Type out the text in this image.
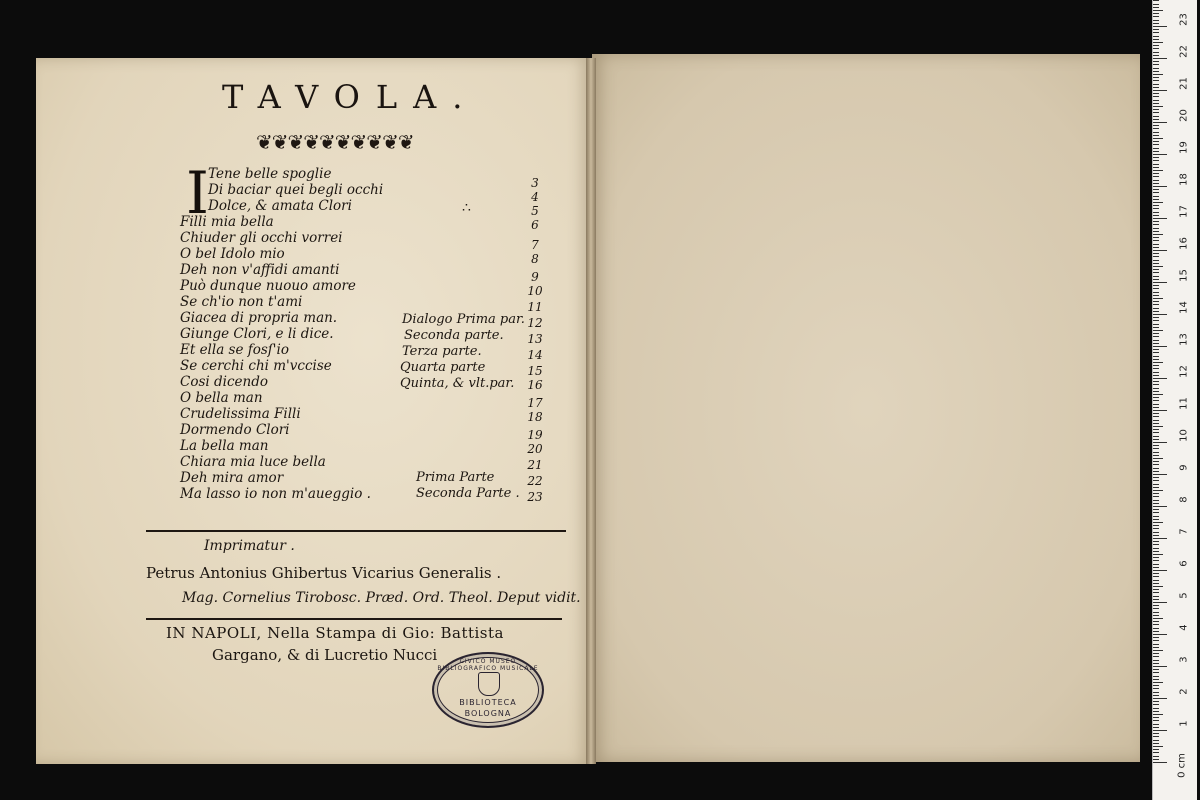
TAVOLA.
❦❦❦❦❦❦❦❦❦❦
I	∴
Tene belle spoglie
Di baciar quei begli occhi
Dolce, & amata Clori
Filli mia bella
Chiuder gli occhi vorrei
O bel Idolo mio
Deh non v'affidi amanti
Può dunque nuouo amore
Se ch'io non t'ami
Giacea di propria man.
Giunge Clori, e li dice.
Et ella se fosſ'io
Se cerchi chi m'vccise
Cosi dicendo
O bella man
Crudelissima Filli
Dormendo Clori
La bella man
Chiara mia luce bella
Deh mira amor
Ma lasso io non m'aueggio .
Dialogo Prima par.
Seconda parte.
Terza parte.
Quarta parte
Quinta, & vlt.par.
Prima Parte
Seconda Parte .
3
4
5
6
7
8
9
10
11
12
13
14
15
16
17
18
19
20
21
22
23
Imprimatur .
Petrus Antonius Ghibertus Vicarius Generalis .
Mag. Cornelius Tirobosc. Præd. Ord. Theol. Deput vidit.
IN NAPOLI, Nella Stampa di Gio: Battista
Gargano, & di Lucretio Nucci	CIVICO MUSEO BIBLIOGRAFICO MUSICALE
BIBLIOTECA
BOLOGNA
0 cm
1
2
3
4
5
6
7
8
9
10
11
12
13
14
15
16
17
18
19
20
21
22
23
